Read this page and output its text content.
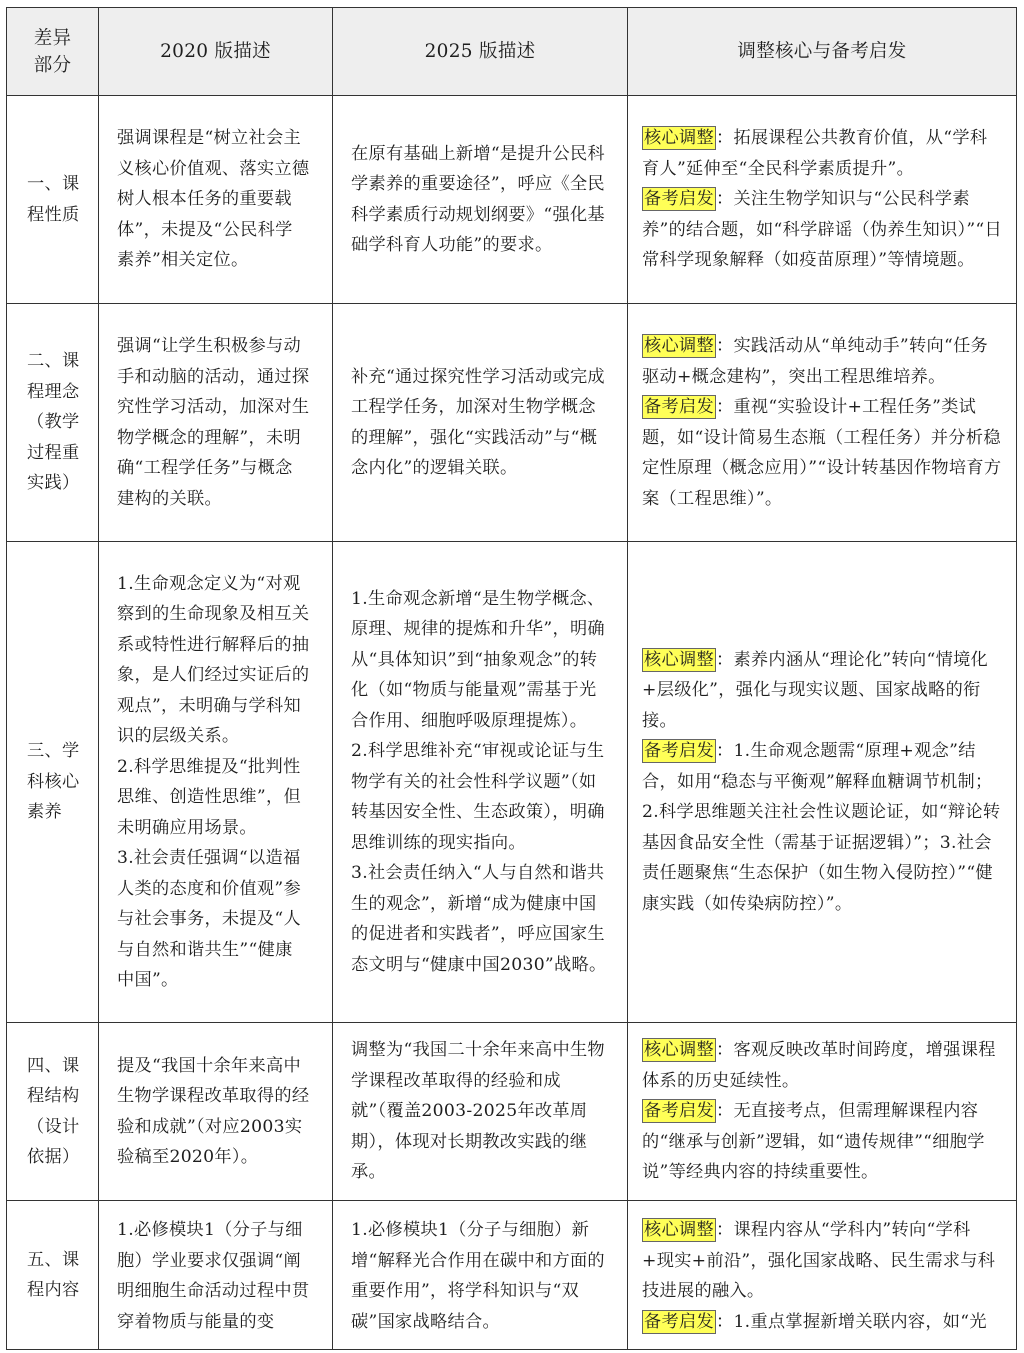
差异部分	2020 版描述	2025 版描述	调整核心与备考启发
一、课程性质	强调课程是“树立社会主义核心价值观、落实立德树人根本任务的重要载体”，未提及“公民科学素养”相关定位。	在原有基础上新增“是提升公民科学素养的重要途径”，呼应《全民科学素质行动规划纲要》“强化基础学科育人功能”的要求。	核心调整 ：拓展课程公共教育价值，从“学科育人”延伸至“全民科学素质提升”。
备考启发 ：关注生物学知识与“公民科学素养”的结合题，如“科学辟谣（伪养生知识）”“日常科学现象解释（如疫苗原理）”等情境题。

二、课程理念（教学过程重实践）	强调“让学生积极参与动手和动脑的活动，通过探究性学习活动，加深对生物学概念的理解”，未明确“工程学任务”与概念建构的关联。	补充“通过探究性学习活动或完成工程学任务，加深对生物学概念的理解”，强化“实践活动”与“概念内化”的逻辑关联。	核心调整 ：实践活动从“单纯动手”转向“任务驱动+概念建构”，突出工程思维培养。
备考启发 ：重视“实验设计+工程任务”类试题，如“设计简易生态瓶（工程任务）并分析稳定性原理（概念应用）”“设计转基因作物培育方案（工程思维）”。

三、学科核心素养	1.生命观念定义为“对观察到的生命现象及相互关系或特性进行解释后的抽象，是人们经过实证后的观点”，未明确与学科知识的层级关系。
2.科学思维提及“批判性思维、创造性思维”，但未明确应用场景。
3.社会责任强调“以造福人类的态度和价值观”参与社会事务，未提及“人与自然和谐共生”“健康中国”。	1.生命观念新增“是生物学概念、原理、规律的提炼和升华”，明确从“具体知识”到“抽象观念”的转化（如“物质与能量观”需基于光合作用、细胞呼吸原理提炼）。
2.科学思维补充“审视或论证与生物学有关的社会性科学议题”（如转基因安全性、生态政策），明确思维训练的现实指向。
3.社会责任纳入“人与自然和谐共生的观念”，新增“成为健康中国的促进者和实践者”，呼应国家生态文明与“健康中国2030”战略。	核心调整 ：素养内涵从“理论化”转向“情境化+层级化”，强化与现实议题、国家战略的衔接。
备考启发 ：1.生命观念题需“原理+观念”结合，如用“稳态与平衡观”解释血糖调节机制；2.科学思维题关注社会性议题论证，如“辩论转基因食品安全性（需基于证据逻辑）”；3.社会责任题聚焦“生态保护（如生物入侵防控）”“健康实践（如传染病防控）”。

四、课程结构（设计依据）	提及“我国十余年来高中生物学课程改革取得的经验和成就”（对应2003实验稿至2020年）。	调整为“我国二十余年来高中生物学课程改革取得的经验和成就”（覆盖2003-2025年改革周期），体现对长期教改实践的继承。	核心调整 ：客观反映改革时间跨度，增强课程体系的历史延续性。
备考启发 ：无直接考点，但需理解课程内容的“继承与创新”逻辑，如“遗传规律”“细胞学说”等经典内容的持续重要性。

五、课程内容	1.必修模块1（分子与细胞）学业要求仅强调“阐明细胞生命活动过程中贯穿着物质与能量的变	1.必修模块1（分子与细胞）新增“解释光合作用在碳中和方面的重要作用”，将学科知识与“双碳”国家战略结合。	核心调整 ：课程内容从“学科内”转向“学科+现实+前沿”，强化国家战略、民生需求与科技进展的融入。
备考启发 ：1.重点掌握新增关联内容，如“光
